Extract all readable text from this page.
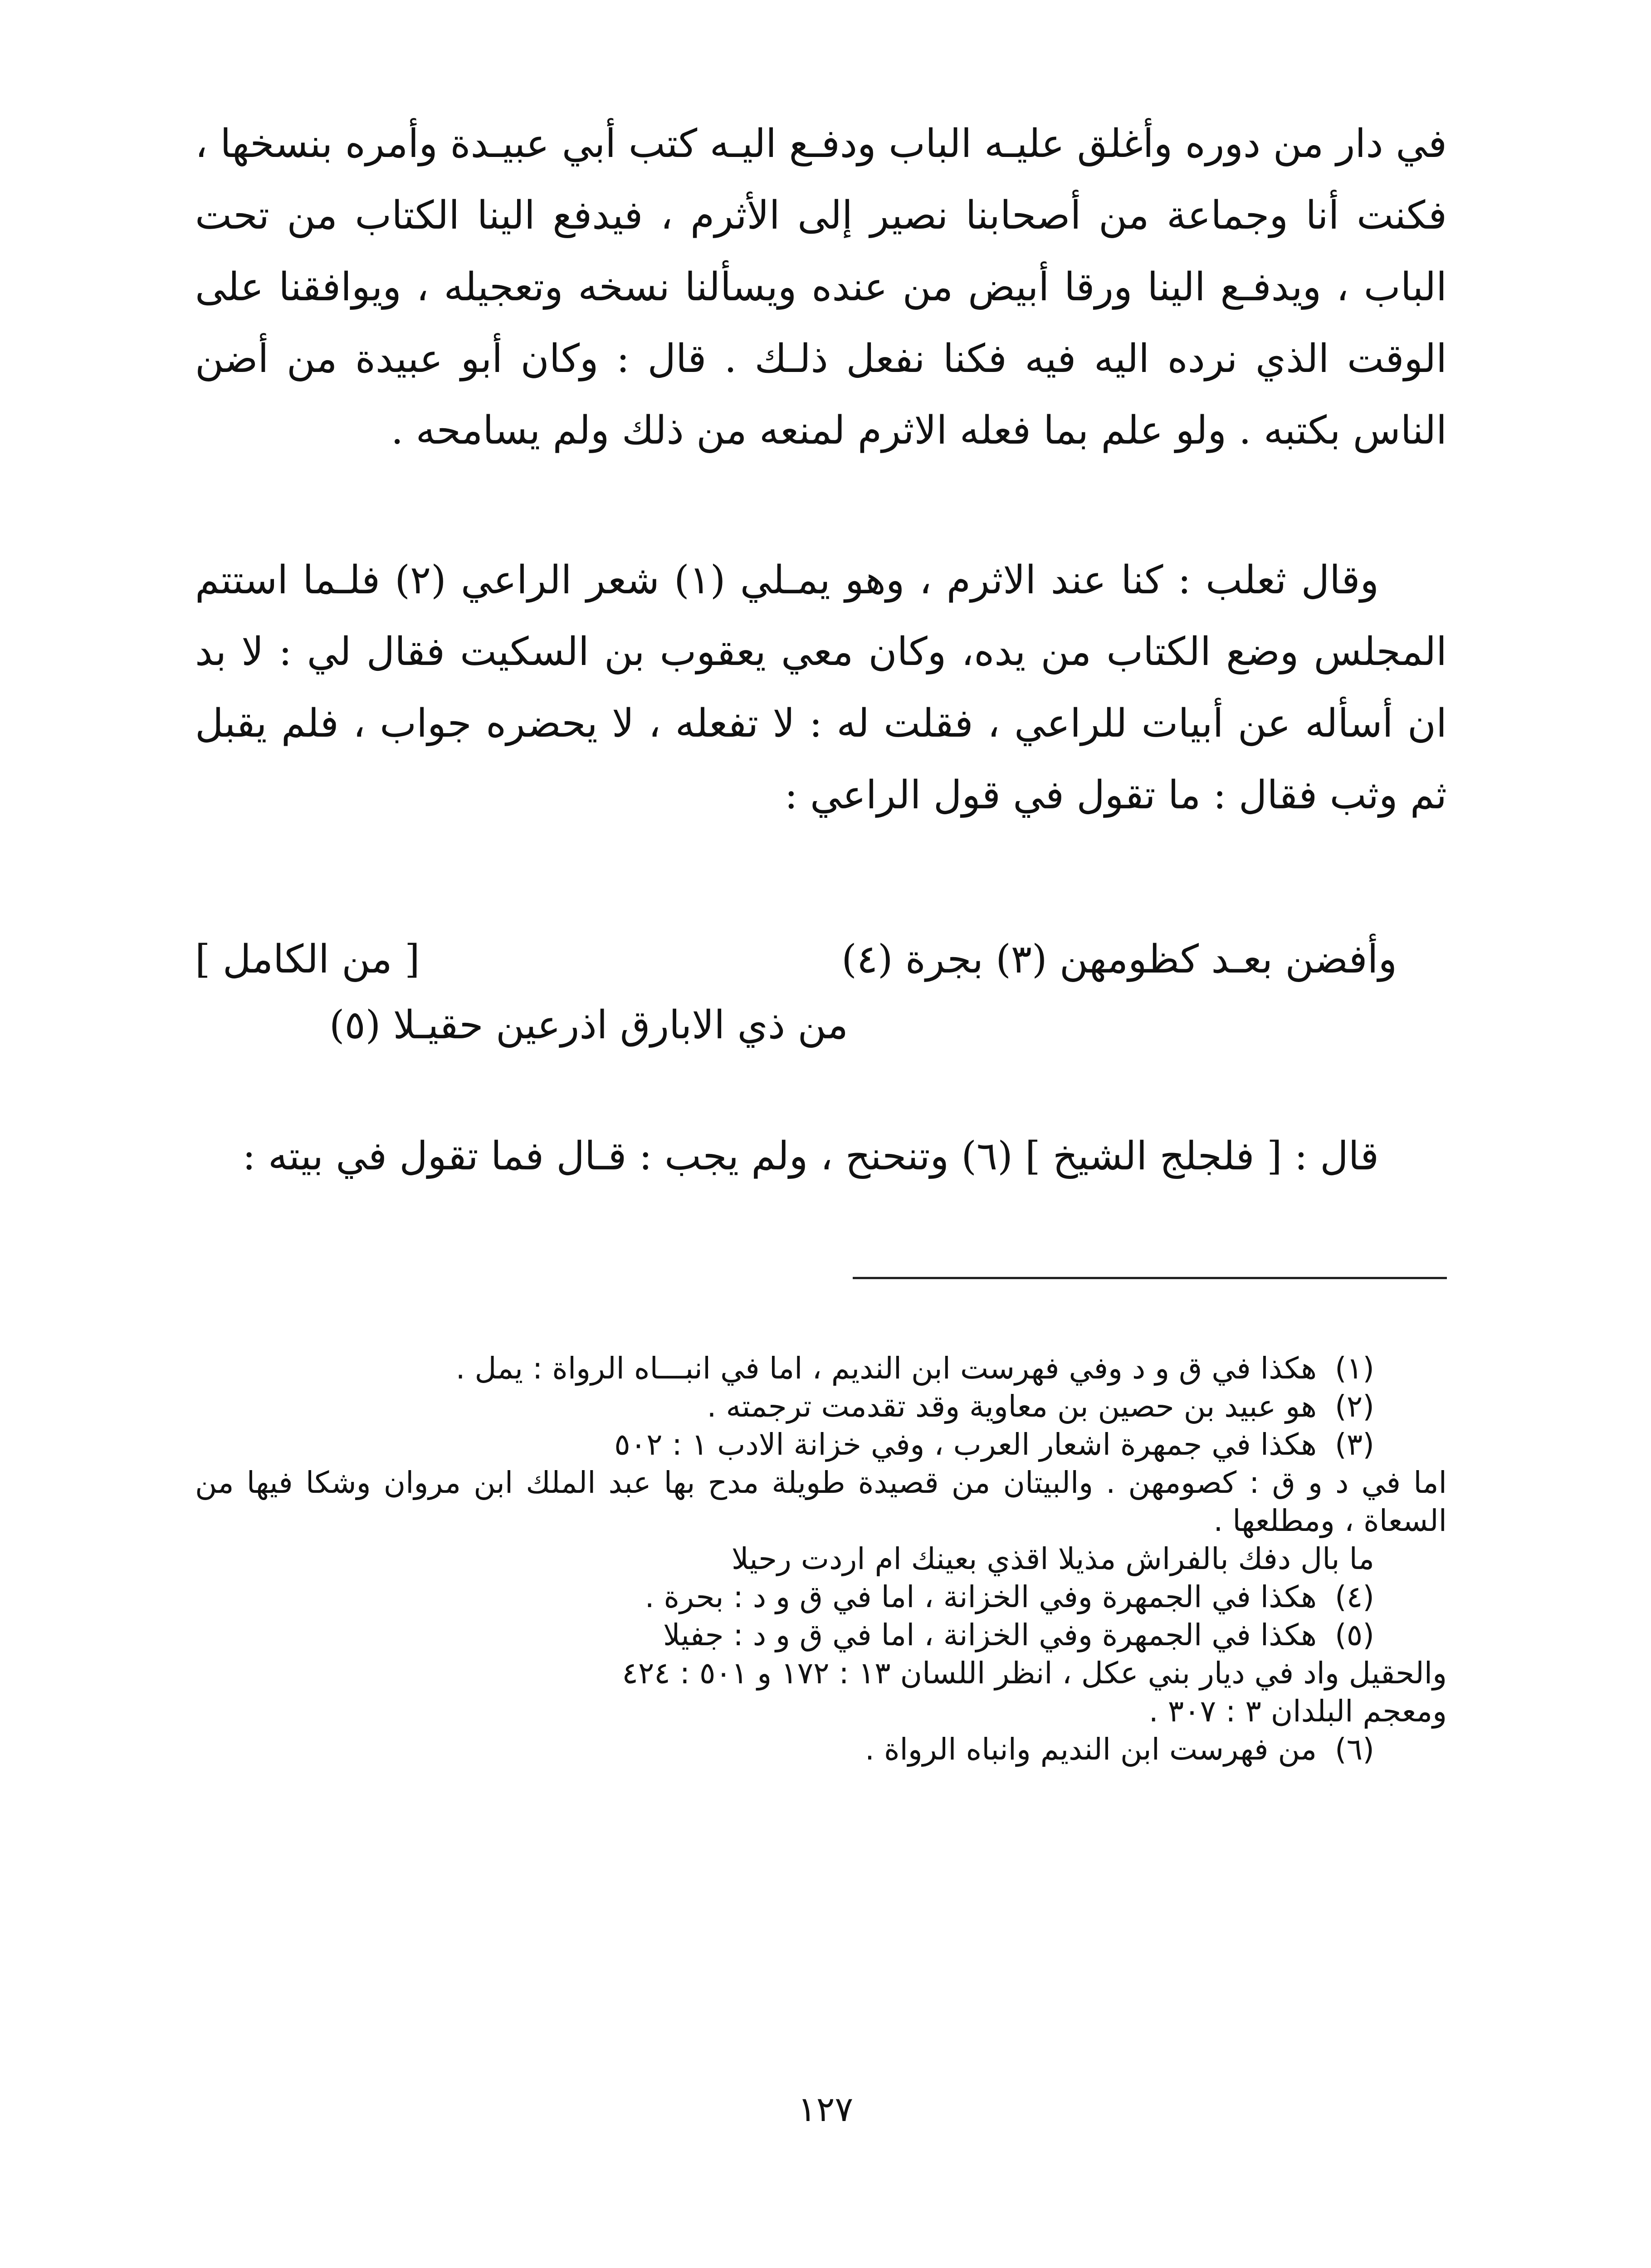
في دار من دوره وأغلق عليـه الباب ودفـع اليـه كتب أبي عبيـدة وأمره بنسخها ، فكنت أنا وجماعة من أصحابنا نصير إلى الأثرم ، فيدفع الينا الكتاب من تحت الباب ، ويدفـع الينا ورقا أبيض من عنده ويسألنا نسخه وتعجيله ، ويوافقنا على الوقت الذي نرده اليه فيه فكنا نفعل ذلـك . قال : وكان أبو عبيدة من أضن الناس بكتبه . ولو علم بما فعله الاثرم لمنعه من ذلك ولم يسامحه .

وقال ثعلب : كنا عند الاثرم ، وهو يمـلي (١) شعر الراعي (٢) فلـما استتم المجلس وضع الكتاب من يده، وكان معي يعقوب بن السكيت فقال لي : لا بد ان أسأله عن أبيات للراعي ، فقلت له : لا تفعله ، لا يحضره جواب ، فلم يقبل ثم وثب فقال : ما تقول في قول الراعي :

وأفضن بعـد كظومهن (٣) بجرة (٤)
[ من الكامل ]
من ذي الابارق اذرعين حقيـلا (٥)

قال : [ فلجلج الشيخ ] (٦) وتنحنح ، ولم يجب : قـال فما تقول في بيته :

(١)هكذا في ق و د وفي فهرست ابن النديم ، اما في انبـــاه الرواة : يمل .

(٢)هو عبيد بن حصين بن معاوية وقد تقدمت ترجمته .

(٣)هكذا في جمهرة اشعار العرب ، وفي خزانة الادب ١ : ٥٠٢

اما في د و ق : كصومهن . والبيتان من قصيدة طويلة مدح بها عبد الملك ابن مروان وشكا فيها من السعاة ، ومطلعها .

ما بال دفك بالفراش مذيلا اقذي بعينك ام اردت رحيلا

(٤)هكذا في الجمهرة وفي الخزانة ، اما في ق و د : بحرة .

(٥)هكذا في الجمهرة وفي الخزانة ، اما في ق و د : جفيلا

والحقيل واد في ديار بني عكل ، انظر اللسان ١٣ : ١٧٢ و ٥٠١ : ٤٢٤

ومعجم البلدان ٣ : ٣٠٧ .

(٦)من فهرست ابن النديم وانباه الرواة .

١٢٧
